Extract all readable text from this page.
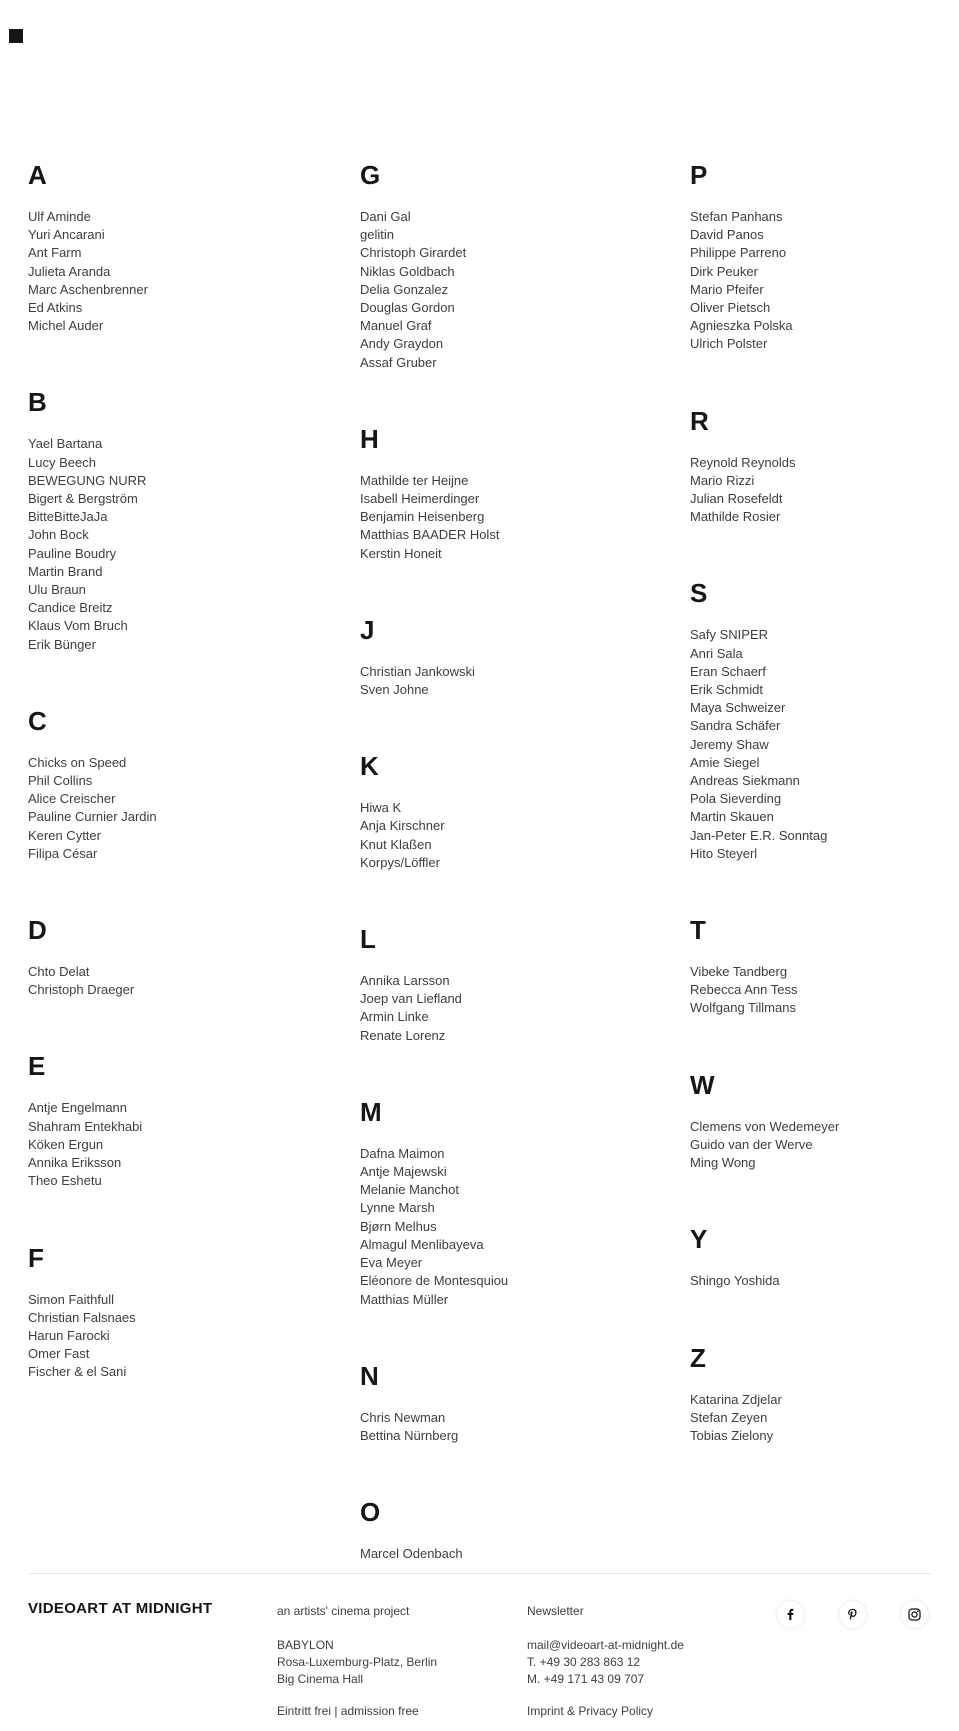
A
Ulf Aminde
Yuri Ancarani
Ant Farm
Julieta Aranda
Marc Aschenbrenner
Ed Atkins
Michel Auder
B
Yael Bartana
Lucy Beech
BEWEGUNG NURR
Bigert & Bergström
BitteBitteJaJa
John Bock
Pauline Boudry
Martin Brand
Ulu Braun
Candice Breitz
Klaus Vom Bruch
Erik Bünger
C
Chicks on Speed
Phil Collins
Alice Creischer
Pauline Curnier Jardin
Keren Cytter
Filipa César
D
Chto Delat
Christoph Draeger
E
Antje Engelmann
Shahram Entekhabi
Köken Ergun
Annika Eriksson
Theo Eshetu
F
Simon Faithfull
Christian Falsnaes
Harun Farocki
Omer Fast
Fischer & el Sani
G
Dani Gal
gelitin
Christoph Girardet
Niklas Goldbach
Delia Gonzalez
Douglas Gordon
Manuel Graf
Andy Graydon
Assaf Gruber
H
Mathilde ter Heijne
Isabell Heimerdinger
Benjamin Heisenberg
Matthias BAADER Holst
Kerstin Honeit
J
Christian Jankowski
Sven Johne
K
Hiwa K
Anja Kirschner
Knut Klaßen
Korpys/Löffler
L
Annika Larsson
Joep van Liefland
Armin Linke
Renate Lorenz
M
Dafna Maimon
Antje Majewski
Melanie Manchot
Lynne Marsh
Bjørn Melhus
Almagul Menlibayeva
Eva Meyer
Eléonore de Montesquiou
Matthias Müller
N
Chris Newman
Bettina Nürnberg
O
Marcel Odenbach
P
Stefan Panhans
David Panos
Philippe Parreno
Dirk Peuker
Mario Pfeifer
Oliver Pietsch
Agnieszka Polska
Ulrich Polster
R
Reynold Reynolds
Mario Rizzi
Julian Rosefeldt
Mathilde Rosier
S
Safy SNIPER
Anri Sala
Eran Schaerf
Erik Schmidt
Maya Schweizer
Sandra Schäfer
Jeremy Shaw
Amie Siegel
Andreas Siekmann
Pola Sieverding
Martin Skauen
Jan-Peter E.R. Sonntag
Hito Steyerl
T
Vibeke Tandberg
Rebecca Ann Tess
Wolfgang Tillmans
W
Clemens von Wedemeyer
Guido van der Werve
Ming Wong
Y
Shingo Yoshida
Z
Katarina Zdjelar
Stefan Zeyen
Tobias Zielony
VIDEOART AT MIDNIGHT	an artists' cinema project
BABYLON
Rosa-Luxemburg-Platz, Berlin
Big Cinema Hall
Eintritt frei | admission free
Newsletter
mail@videoart-at-midnight.de
T. +49 30 283 863 12
M. +49 171 43 09 707
Imprint & Privacy Policy
